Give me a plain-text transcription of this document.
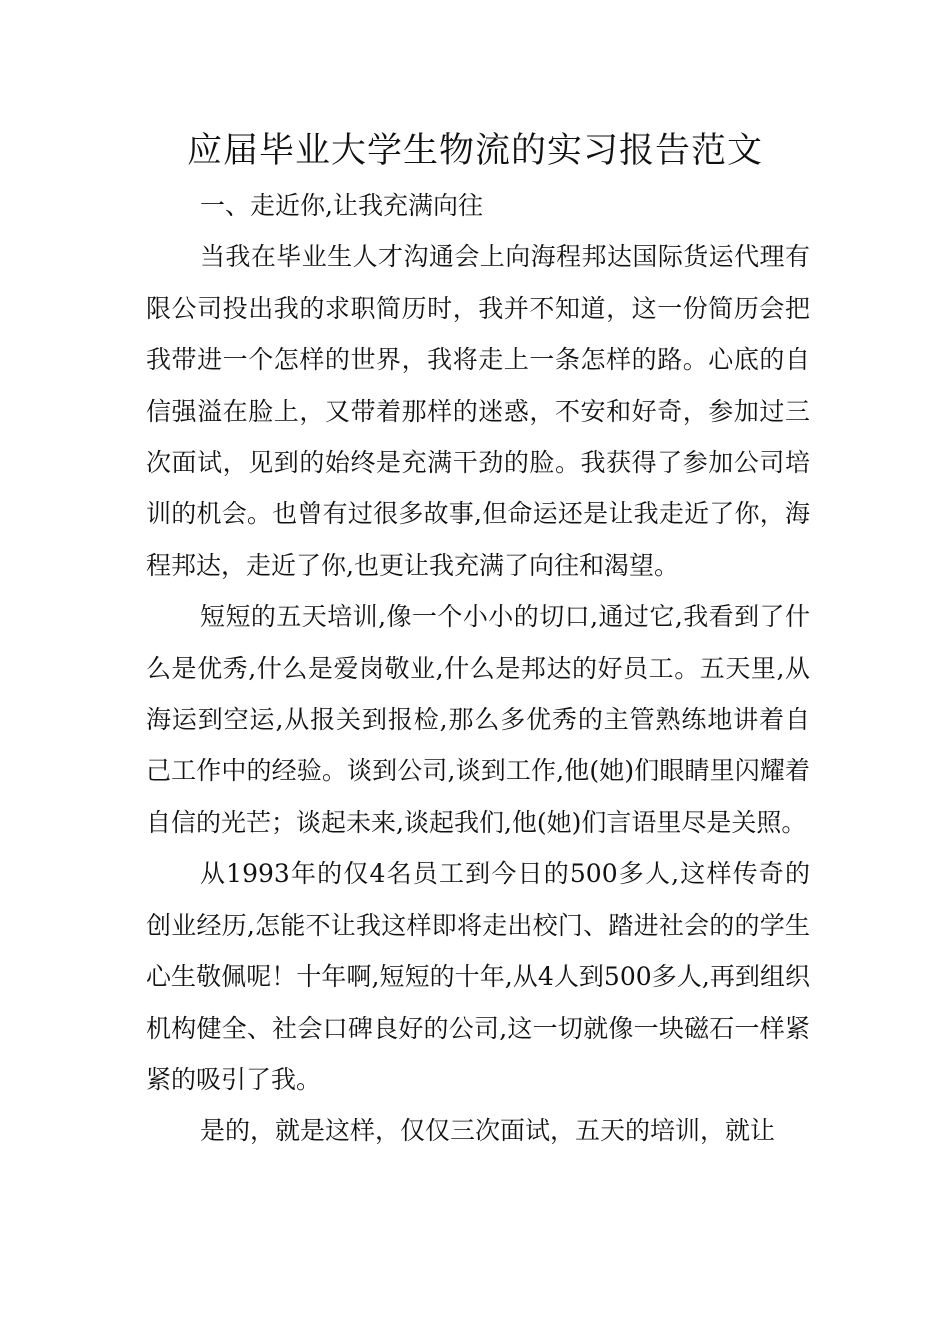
应届毕业大学生物流的实习报告范文

一、走近你,让我充满向往

当我在毕业生人才沟通会上向海程邦达国际货运代理有限公司投出我的求职简历时，我并不知道，这一份简历会把我带进一个怎样的世界，我将走上一条怎样的路。心底的自信强溢在脸上，又带着那样的迷惑，不安和好奇，参加过三次面试，见到的始终是充满干劲的脸。我获得了参加公司培训的机会。也曾有过很多故事,但命运还是让我走近了你，海程邦达，走近了你,也更让我充满了向往和渴望。

短短的五天培训,像一个小小的切口,通过它,我看到了什么是优秀,什么是爱岗敬业,什么是邦达的好员工。五天里,从海运到空运,从报关到报检,那么多优秀的主管熟练地讲着自己工作中的经验。谈到公司,谈到工作,他(她)们眼睛里闪耀着自信的光芒；谈起未来,谈起我们,他(她)们言语里尽是关照。

从1993年的仅4名员工到今日的500多人,这样传奇的创业经历,怎能不让我这样即将走出校门、踏进社会的的学生心生敬佩呢！十年啊,短短的十年,从4人到500多人,再到组织机构健全、社会口碑良好的公司,这一切就像一块磁石一样紧紧的吸引了我。

是的，就是这样，仅仅三次面试，五天的培训，就让
